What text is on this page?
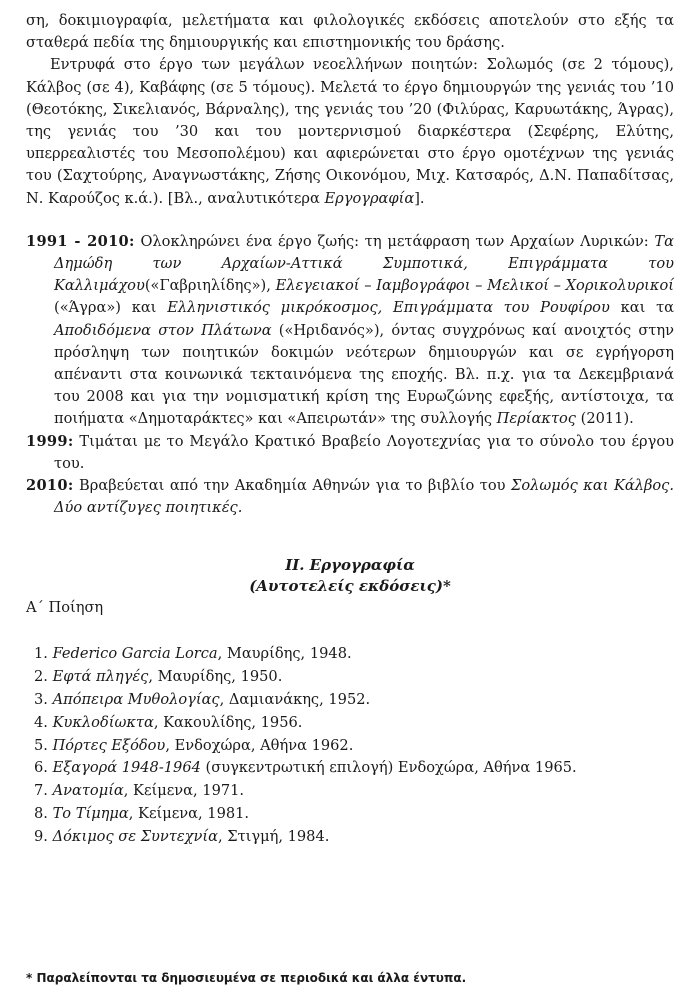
ση, δοκιμιογραφία, μελετήματα και φιλολογικές εκδόσεις αποτελούν στο εξής τα σταθερά πεδία της δημιουργικής και επιστημονικής του δράσης.

Εντρυφά στο έργο των μεγάλων νεοελλήνων ποιητών: Σολωμός (σε 2 τόμους), Κάλβος (σε 4), Καβάφης (σε 5 τόμους). Μελετά το έργο δημιουργών της γενιάς του ’10 (Θεοτόκης, Σικελιανός, Βάρναλης), της γενιάς του ’20 (Φιλύρας, Καρυωτάκης, Άγρας), της γενιάς του ’30 και του μοντερνισμού διαρκέστερα (Σεφέρης, Ελύτης, υπερρεαλιστές του Μεσοπολέμου) και αφιερώνεται στο έργο ομοτέχνων της γενιάς του (Σαχτούρης, Αναγνωστάκης, Ζήσης Οικονόμου, Μιχ. Κατσαρός, Δ.Ν. Παπαδίτσας, Ν. Καρούζος κ.ά.). [Βλ., αναλυτικότερα Εργογραφία].

1991 - 2010: Ολοκληρώνει ένα έργο ζωής: τη μετάφραση των Αρχαίων Λυρικών: Τα Δημώδη των Αρχαίων-Αττικά Συμποτικά, Επιγράμματα του Καλλιμάχου(«Γαβριηλίδης»), Ελεγειακοί – Ιαμβογράφοι – Μελικοί – Χορικολυρικοί («Άγρα») και Ελληνιστικός μικρόκοσμος, Επιγράμματα του Ρουφίρου και τα Αποδιδόμενα στον Πλάτωνα («Ηριδανός»), όντας συγχρόνως καί ανοιχτός στην πρόσληψη των ποιητικών δοκιμών νεότερων δημιουργών και σε εγρήγορση απέναντι στα κοινωνικά τεκταινόμενα της εποχής. Βλ. π.χ. για τα Δεκεμβριανά του 2008 και για την νομισματική κρίση της Ευρωζώνης εφεξής, αντίστοιχα, τα ποιήματα «Δημοταράκτες» και «Απειρωτάν» της συλλογής Περίακτος (2011).

1999: Τιμάται με το Μεγάλο Κρατικό Βραβείο Λογοτεχνίας για το σύνολο του έργου του.

2010: Βραβεύεται από την Ακαδημία Αθηνών για το βιβλίο του Σολωμός και Κάλβος. Δύο αντίζυγες ποιητικές.

ΙΙ. Εργογραφία

(Αυτοτελείς εκδόσεις)*

Α΄ Ποίηση

1. Federico Garcia Lorca, Μαυρίδης, 1948.
2. Εφτά πληγές, Μαυρίδης, 1950.
3. Απόπειρα Μυθολογίας, Δαμιανάκης, 1952.
4. Κυκλοδίωκτα, Κακουλίδης, 1956.
5. Πόρτες Εξόδου, Ενδοχώρα, Αθήνα 1962.
6. Εξαγορά 1948-1964 (συγκεντρωτική επιλογή) Ενδοχώρα, Αθήνα 1965.
7. Ανατομία, Κείμενα, 1971.
8. Το Τίμημα, Κείμενα, 1981.
9. Δόκιμος σε Συντεχνία, Στιγμή, 1984.
* Παραλείπονται τα δημοσιευμένα σε περιοδικά και άλλα έντυπα.
